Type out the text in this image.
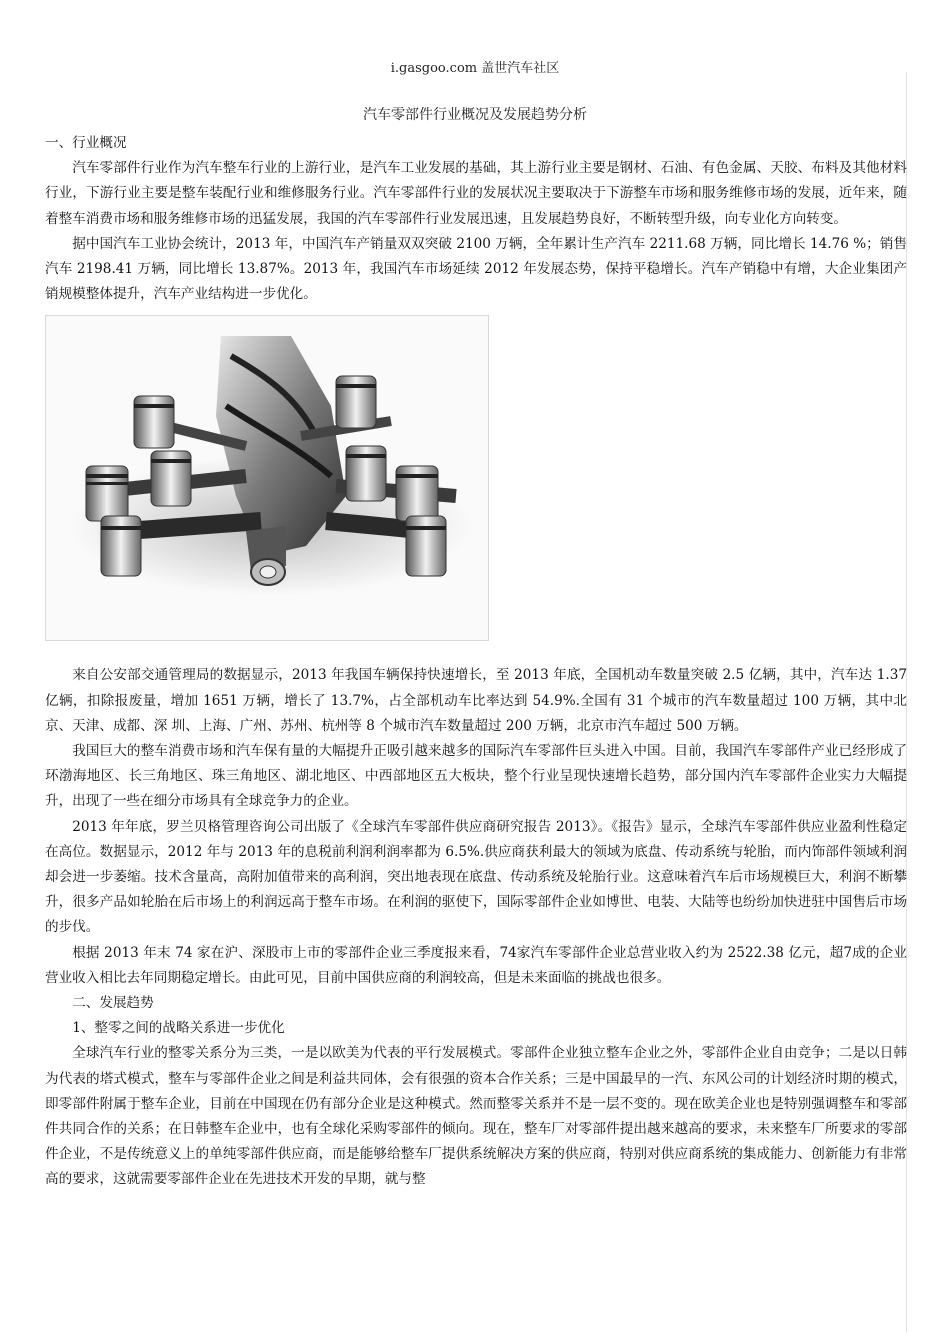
i.gasgoo.com 盖世汽车社区
汽车零部件行业概况及发展趋势分析

一、行业概况

汽车零部件行业作为汽车整车行业的上游行业，是汽车工业发展的基础，其上游行业主要是钢材、石油、有色金属、天胶、布料及其他材料行业，下游行业主要是整车装配行业和维修服务行业。汽车零部件行业的发展状况主要取决于下游整车市场和服务维修市场的发展，近年来，随着整车消费市场和服务维修市场的迅猛发展，我国的汽车零部件行业发展迅速，且发展趋势良好，不断转型升级，向专业化方向转变。

据中国汽车工业协会统计，2013 年，中国汽车产销量双双突破 2100 万辆，全年累计生产汽车 2211.68 万辆，同比增长 14.76 %；销售汽车 2198.41 万辆，同比增长 13.87%。2013 年，我国汽车市场延续 2012 年发展态势，保持平稳增长。汽车产销稳中有增，大企业集团产销规模整体提升，汽车产业结构进一步优化。

来自公安部交通管理局的数据显示，2013 年我国车辆保持快速增长，至 2013 年底，全国机动车数量突破 2.5 亿辆，其中，汽车达 1.37 亿辆，扣除报废量，增加 1651 万辆，增长了 13.7%，占全部机动车比率达到 54.9%.全国有 31 个城市的汽车数量超过 100 万辆，其中北京、天津、成都、深 圳、上海、广州、苏州、杭州等 8 个城市汽车数量超过 200 万辆，北京市汽车超过 500 万辆。

我国巨大的整车消费市场和汽车保有量的大幅提升正吸引越来越多的国际汽车零部件巨头进入中国。目前，我国汽车零部件产业已经形成了环渤海地区、长三角地区、珠三角地区、湖北地区、中西部地区五大板块，整个行业呈现快速增长趋势，部分国内汽车零部件企业实力大幅提升，出现了一些在细分市场具有全球竞争力的企业。

2013 年年底，罗兰贝格管理咨询公司出版了《全球汽车零部件供应商研究报告 2013》。《报告》显示，全球汽车零部件供应业盈利性稳定在高位。数据显示，2012 年与 2013 年的息税前利润利润率都为 6.5%.供应商获利最大的领域为底盘、传动系统与轮胎，而内饰部件领域利润却会进一步萎缩。技术含量高，高附加值带来的高利润，突出地表现在底盘、传动系统及轮胎行业。这意味着汽车后市场规模巨大，利润不断攀升，很多产品如轮胎在后市场上的利润远高于整车市场。在利润的驱使下，国际零部件企业如博世、电装、大陆等也纷纷加快进驻中国售后市场的步伐。

根据 2013 年末 74 家在沪、深股市上市的零部件企业三季度报来看，74家汽车零部件企业总营业收入约为 2522.38 亿元，超7成的企业营业收入相比去年同期稳定增长。由此可见，目前中国供应商的利润较高，但是未来面临的挑战也很多。

二、发展趋势

1、整零之间的战略关系进一步优化

全球汽车行业的整零关系分为三类，一是以欧美为代表的平行发展模式。零部件企业独立整车企业之外，零部件企业自由竞争；二是以日韩为代表的塔式模式，整车与零部件企业之间是利益共同体，会有很强的资本合作关系；三是中国最早的一汽、东风公司的计划经济时期的模式，即零部件附属于整车企业，目前在中国现在仍有部分企业是这种模式。然而整零关系并不是一层不变的。现在欧美企业也是特别强调整车和零部件共同合作的关系；在日韩整车企业中，也有全球化采购零部件的倾向。现在，整车厂对零部件提出越来越高的要求，未来整车厂所要求的零部件企业，不是传统意义上的单纯零部件供应商，而是能够给整车厂提供系统解决方案的供应商，特别对供应商系统的集成能力、创新能力有非常高的要求，这就需要零部件企业在先进技术开发的早期，就与整
